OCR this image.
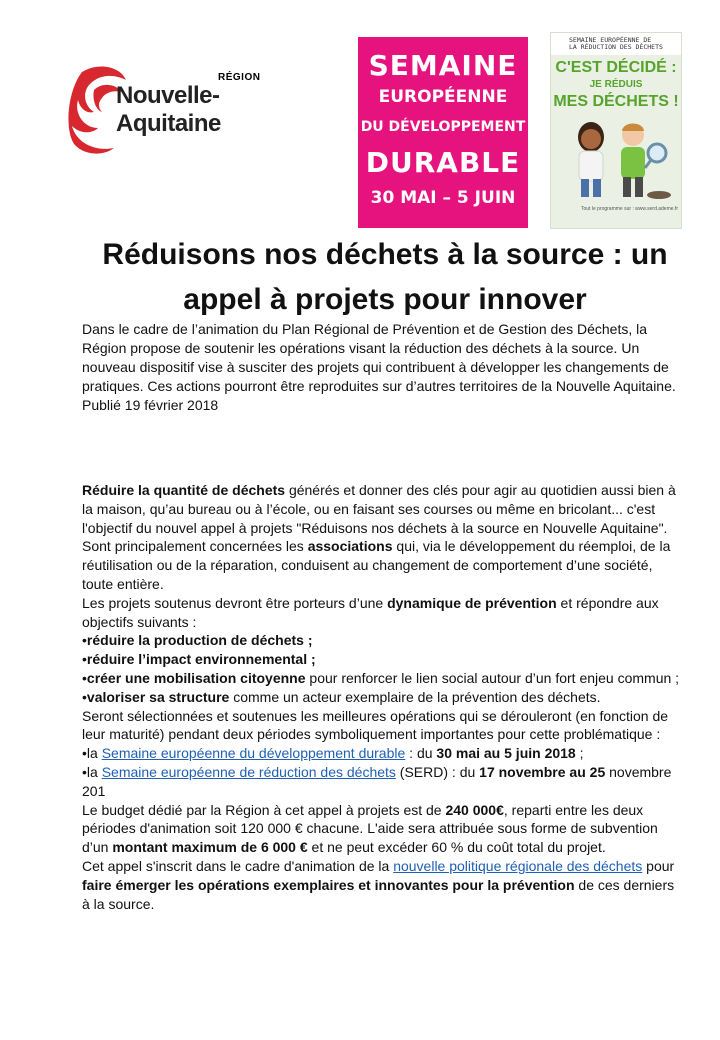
RÉGION
Nouvelle-
Aquitaine
SEMAINE
EUROPÉENNE
DU DÉVELOPPEMENT
DURABLE
30 MAI – 5 JUIN
SEMAINE EUROPÉENNE DE
LA RÉDUCTION DES DÉCHETS
C'EST DÉCIDÉ :
JE RÉDUIS
MES DÉCHETS !
Tout le programme sur : www.serd.ademe.fr
Réduisons nos déchets à la source : un appel à projets pour innover

Dans le cadre de l’animation du Plan Régional de Prévention et de Gestion des Déchets, la Région propose de soutenir les opérations visant la réduction des déchets à la source. Un nouveau dispositif vise à susciter des projets qui contribuent à développer les changements de pratiques. Ces actions pourront être reproduites sur d’autres territoires de la Nouvelle Aquitaine. Publié 19 février 2018

Réduire la quantité de déchets générés et donner des clés pour agir au quotidien aussi bien à la maison, qu’au bureau ou à l’école, ou en faisant ses courses ou même en bricolant... c'est l'objectif du nouvel appel à projets "Réduisons nos déchets à la source en Nouvelle Aquitaine".

Sont principalement concernées les associations qui, via le développement du réemploi, de la réutilisation ou de la réparation, conduisent au changement de comportement d’une société, toute entière.

Les projets soutenus devront être porteurs d’une dynamique de prévention et répondre aux objectifs suivants :

•réduire la production de déchets ;

•réduire l’impact environnemental ;

•créer une mobilisation citoyenne pour renforcer le lien social autour d’un fort enjeu commun ;

•valoriser sa structure comme un acteur exemplaire de la prévention des déchets.

Seront sélectionnées et soutenues les meilleures opérations qui se dérouleront (en fonction de leur maturité) pendant deux périodes symboliquement importantes pour cette problématique :

•la Semaine européenne du développement durable : du 30 mai au 5 juin 2018 ;

•la Semaine européenne de réduction des déchets (SERD) : du 17 novembre au 25 novembre 201

Le budget dédié par la Région à cet appel à projets est de 240 000€, reparti entre les deux périodes d'animation soit 120 000 € chacune. L'aide sera attribuée sous forme de subvention d’un montant maximum de 6 000 € et ne peut excéder 60 % du coût total du projet.

Cet appel s'inscrit dans le cadre d'animation de la nouvelle politique régionale des déchets pour faire émerger les opérations exemplaires et innovantes pour la prévention de ces derniers à la source.
